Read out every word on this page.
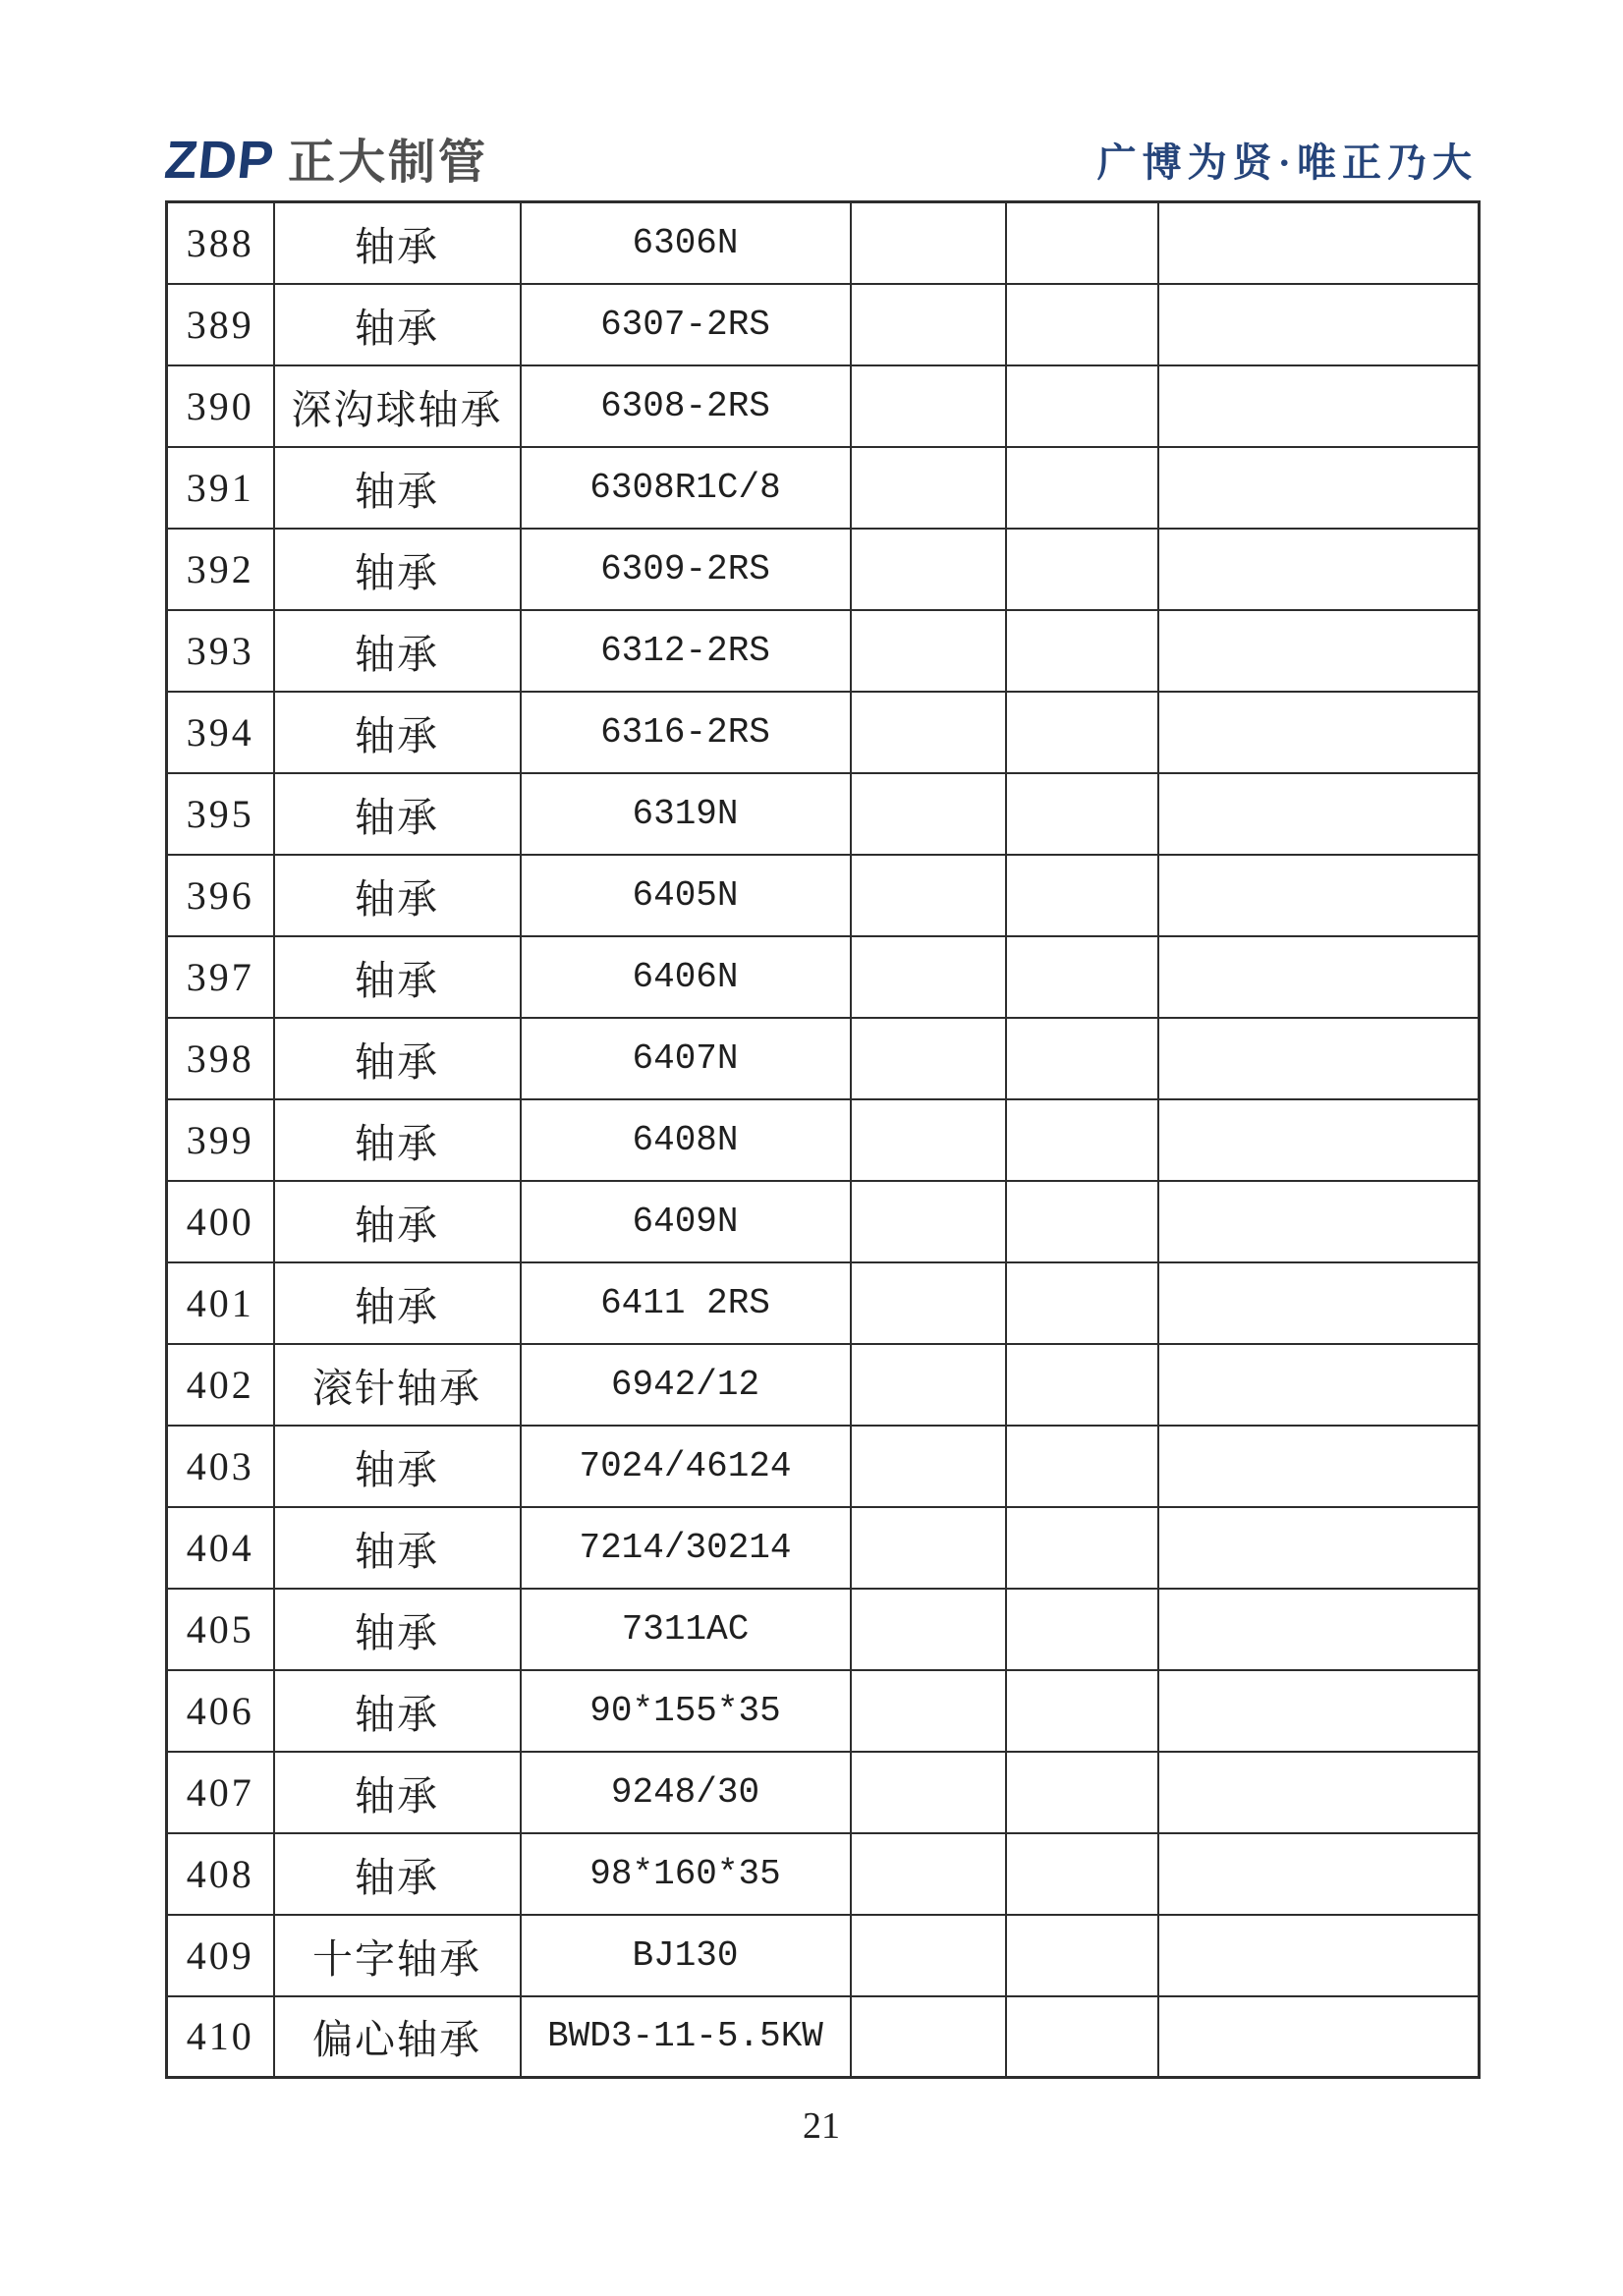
ZDP 正大制管	广博为贤·唯正乃大
388	轴承	6306N			
389	轴承	6307-2RS			
390	深沟球轴承	6308-2RS			
391	轴承	6308R1C/8			
392	轴承	6309-2RS			
393	轴承	6312-2RS			
394	轴承	6316-2RS			
395	轴承	6319N			
396	轴承	6405N			
397	轴承	6406N			
398	轴承	6407N			
399	轴承	6408N			
400	轴承	6409N			
401	轴承	6411 2RS			
402	滚针轴承	6942/12			
403	轴承	7024/46124			
404	轴承	7214/30214			
405	轴承	7311AC			
406	轴承	90*155*35			
407	轴承	9248/30			
408	轴承	98*160*35			
409	十字轴承	BJ130			
410	偏心轴承	BWD3-11-5.5KW			
21
